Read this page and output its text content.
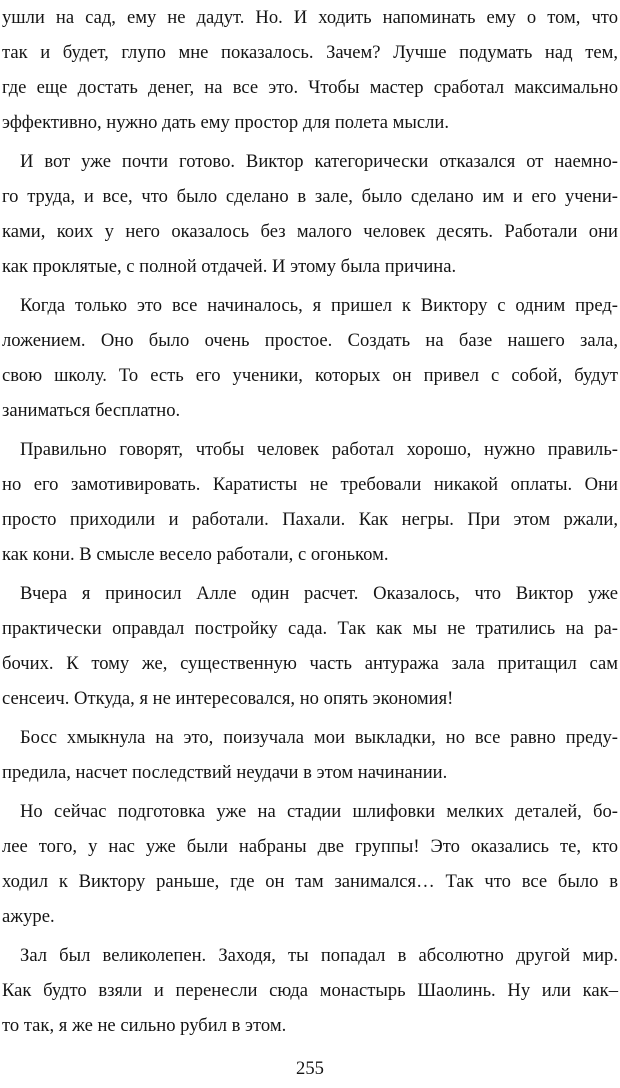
ушли на сад, ему не дадут. Но. И ходить напоминать ему о том, что
так и будет, глупо мне показалось. Зачем? Лучше подумать над тем,
где еще достать денег, на все это. Чтобы мастер сработал максимально
эффективно, нужно дать ему простор для полета мысли.
И вот уже почти готово. Виктор категорически отказался от наемно-
го труда, и все, что было сделано в зале, было сделано им и его учени-
ками, коих у него оказалось без малого человек десять. Работали они
как проклятые, с полной отдачей. И этому была причина.
Когда только это все начиналось, я пришел к Виктору с одним пред-
ложением. Оно было очень простое. Создать на базе нашего зала,
свою школу. То есть его ученики, которых он привел с собой, будут
заниматься бесплатно.
Правильно говорят, чтобы человек работал хорошо, нужно правиль-
но его замотивировать. Каратисты не требовали никакой оплаты. Они
просто приходили и работали. Пахали. Как негры. При этом ржали,
как кони. В смысле весело работали, с огоньком.
Вчера я приносил Алле один расчет. Оказалось, что Виктор уже
практически оправдал постройку сада. Так как мы не тратились на ра-
бочих. К тому же, существенную часть антуража зала притащил сам
сенсеич. Откуда, я не интересовался, но опять экономия!
Босс хмыкнула на это, поизучала мои выкладки, но все равно преду-
предила, насчет последствий неудачи в этом начинании.
Но сейчас подготовка уже на стадии шлифовки мелких деталей, бо-
лее того, у нас уже были набраны две группы! Это оказались те, кто
ходил к Виктору раньше, где он там занимался… Так что все было в
ажуре.
Зал был великолепен. Заходя, ты попадал в абсолютно другой мир.
Как будто взяли и перенесли сюда монастырь Шаолинь. Ну или как–
то так, я же не сильно рубил в этом.
255
